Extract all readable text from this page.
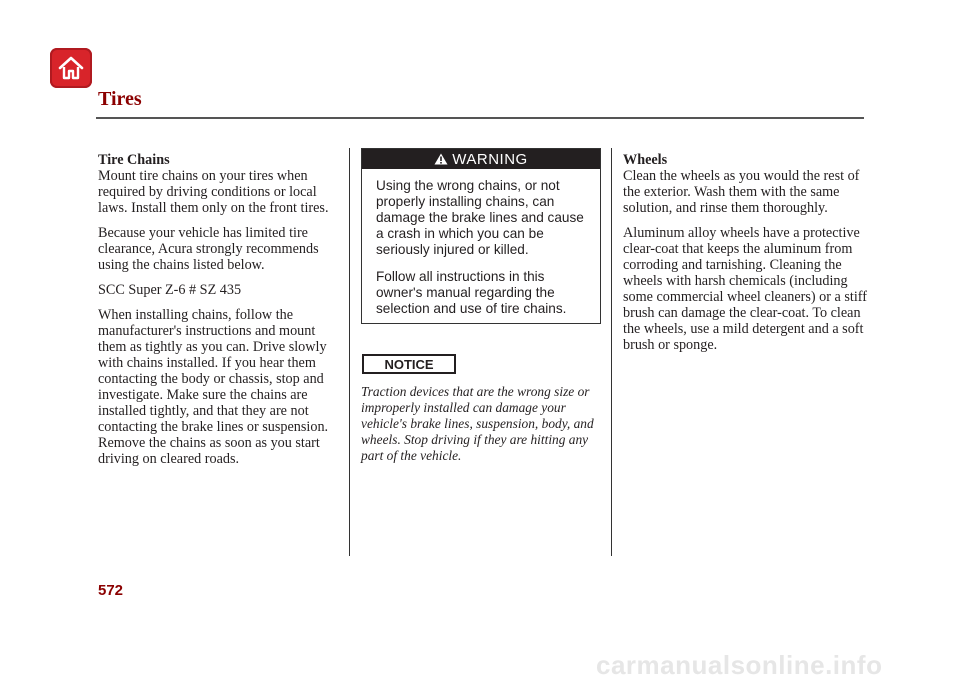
Tires
Tire Chains

Mount tire chains on your tires when required by driving conditions or local laws. Install them only on the front tires.

Because your vehicle has limited tire clearance, Acura strongly recommends using the chains listed below.

SCC Super Z-6 # SZ 435

When installing chains, follow the manufacturer's instructions and mount them as tightly as you can. Drive slowly with chains installed. If you hear them contacting the body or chassis, stop and investigate. Make sure the chains are installed tightly, and that they are not contacting the brake lines or suspension. Remove the chains as soon as you start driving on cleared roads.

WARNING

Using the wrong chains, or not properly installing chains, can damage the brake lines and cause a crash in which you can be seriously injured or killed.

Follow all instructions in this owner's manual regarding the selection and use of tire chains.

NOTICE

Traction devices that are the wrong size or improperly installed can damage your vehicle's brake lines, suspension, body, and wheels. Stop driving if they are hitting any part of the vehicle.

Wheels

Clean the wheels as you would the rest of the exterior. Wash them with the same solution, and rinse them thoroughly.

Aluminum alloy wheels have a protective clear-coat that keeps the aluminum from corroding and tarnishing. Cleaning the wheels with harsh chemicals (including some commercial wheel cleaners) or a stiff brush can damage the clear-coat. To clean the wheels, use a mild detergent and a soft brush or sponge.

572

carmanualsonline.info
